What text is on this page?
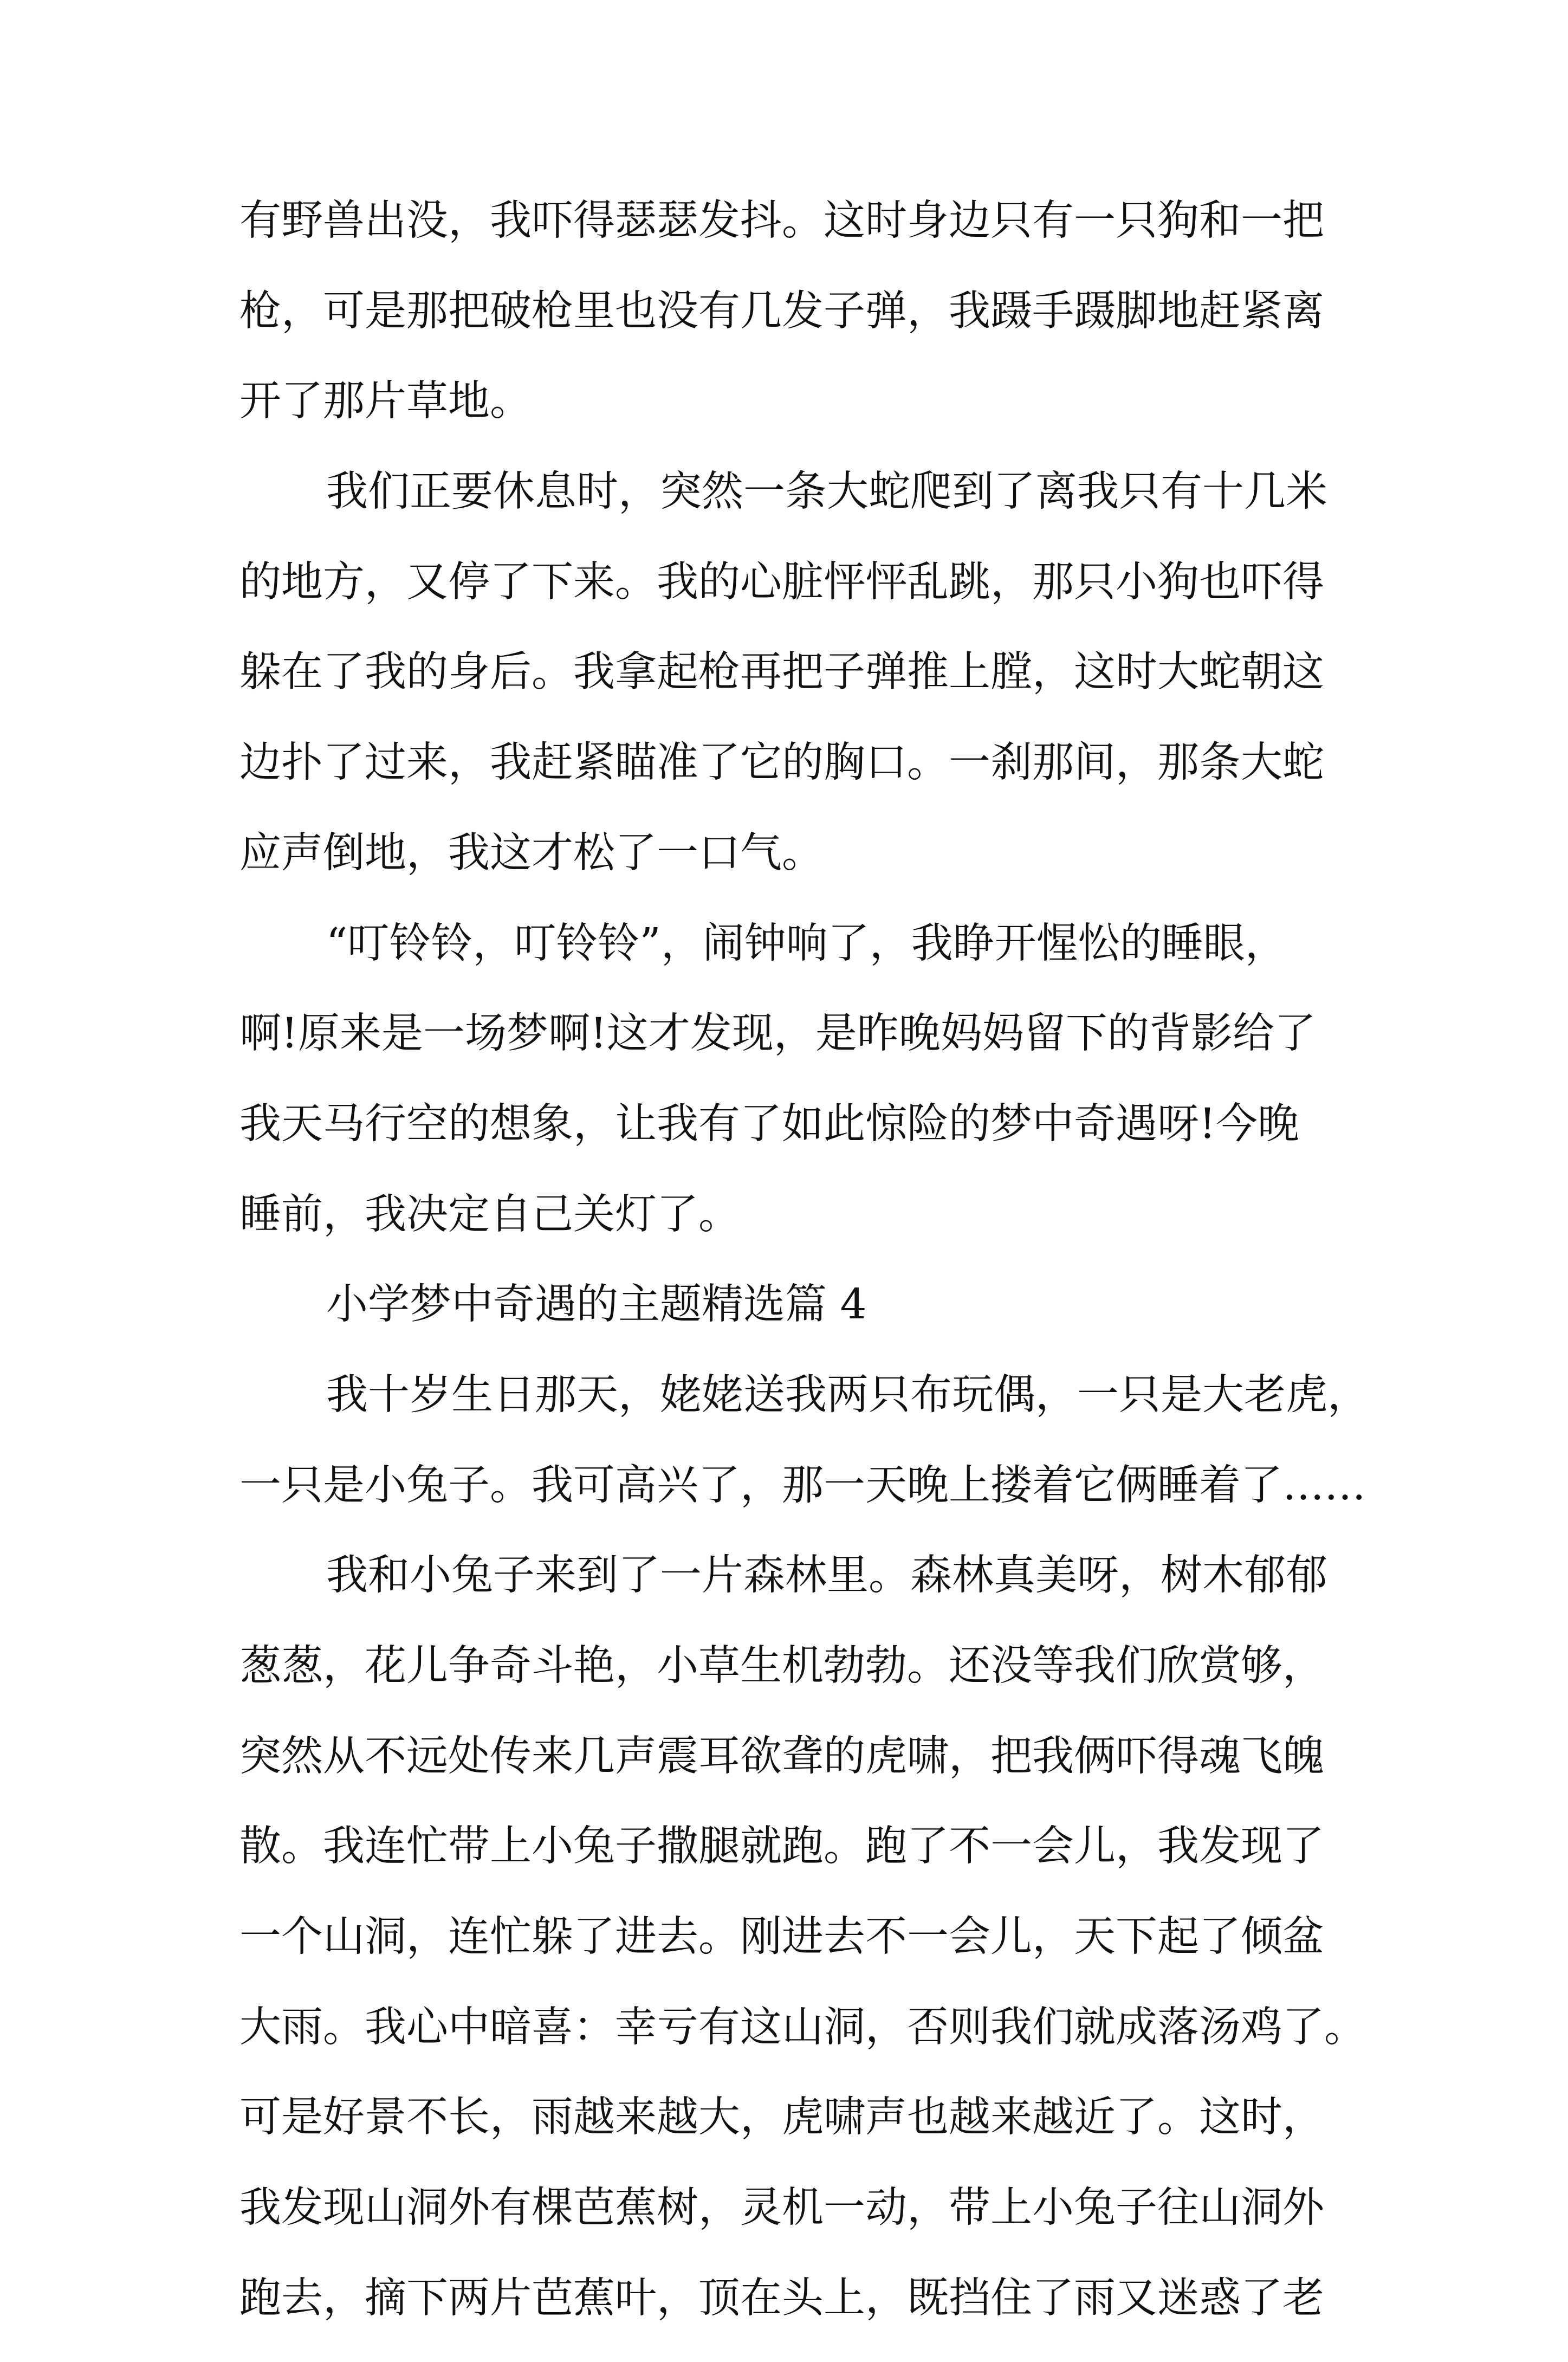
有野兽出没，我吓得瑟瑟发抖。这时身边只有一只狗和一把
枪，可是那把破枪里也没有几发子弹，我蹑手蹑脚地赶紧离
开了那片草地。
我们正要休息时，突然一条大蛇爬到了离我只有十几米
的地方，又停了下来。我的心脏怦怦乱跳，那只小狗也吓得
躲在了我的身后。我拿起枪再把子弹推上膛，这时大蛇朝这
边扑了过来，我赶紧瞄准了它的胸口。一刹那间，那条大蛇
应声倒地，我这才松了一口气。
“叮铃铃，叮铃铃”，闹钟响了，我睁开惺忪的睡眼，
啊!原来是一场梦啊!这才发现，是昨晚妈妈留下的背影给了
我天马行空的想象，让我有了如此惊险的梦中奇遇呀!今晚
睡前，我决定自己关灯了。
小学梦中奇遇的主题精选篇 4
我十岁生日那天，姥姥送我两只布玩偶，一只是大老虎，
一只是小兔子。我可高兴了，那一天晚上搂着它俩睡着了……
我和小兔子来到了一片森林里。森林真美呀，树木郁郁
葱葱，花儿争奇斗艳，小草生机勃勃。还没等我们欣赏够，
突然从不远处传来几声震耳欲聋的虎啸，把我俩吓得魂飞魄
散。我连忙带上小兔子撒腿就跑。跑了不一会儿，我发现了
一个山洞，连忙躲了进去。刚进去不一会儿，天下起了倾盆
大雨。我心中暗喜：幸亏有这山洞，否则我们就成落汤鸡了。
可是好景不长，雨越来越大，虎啸声也越来越近了。这时，
我发现山洞外有棵芭蕉树，灵机一动，带上小兔子往山洞外
跑去，摘下两片芭蕉叶，顶在头上，既挡住了雨又迷惑了老
